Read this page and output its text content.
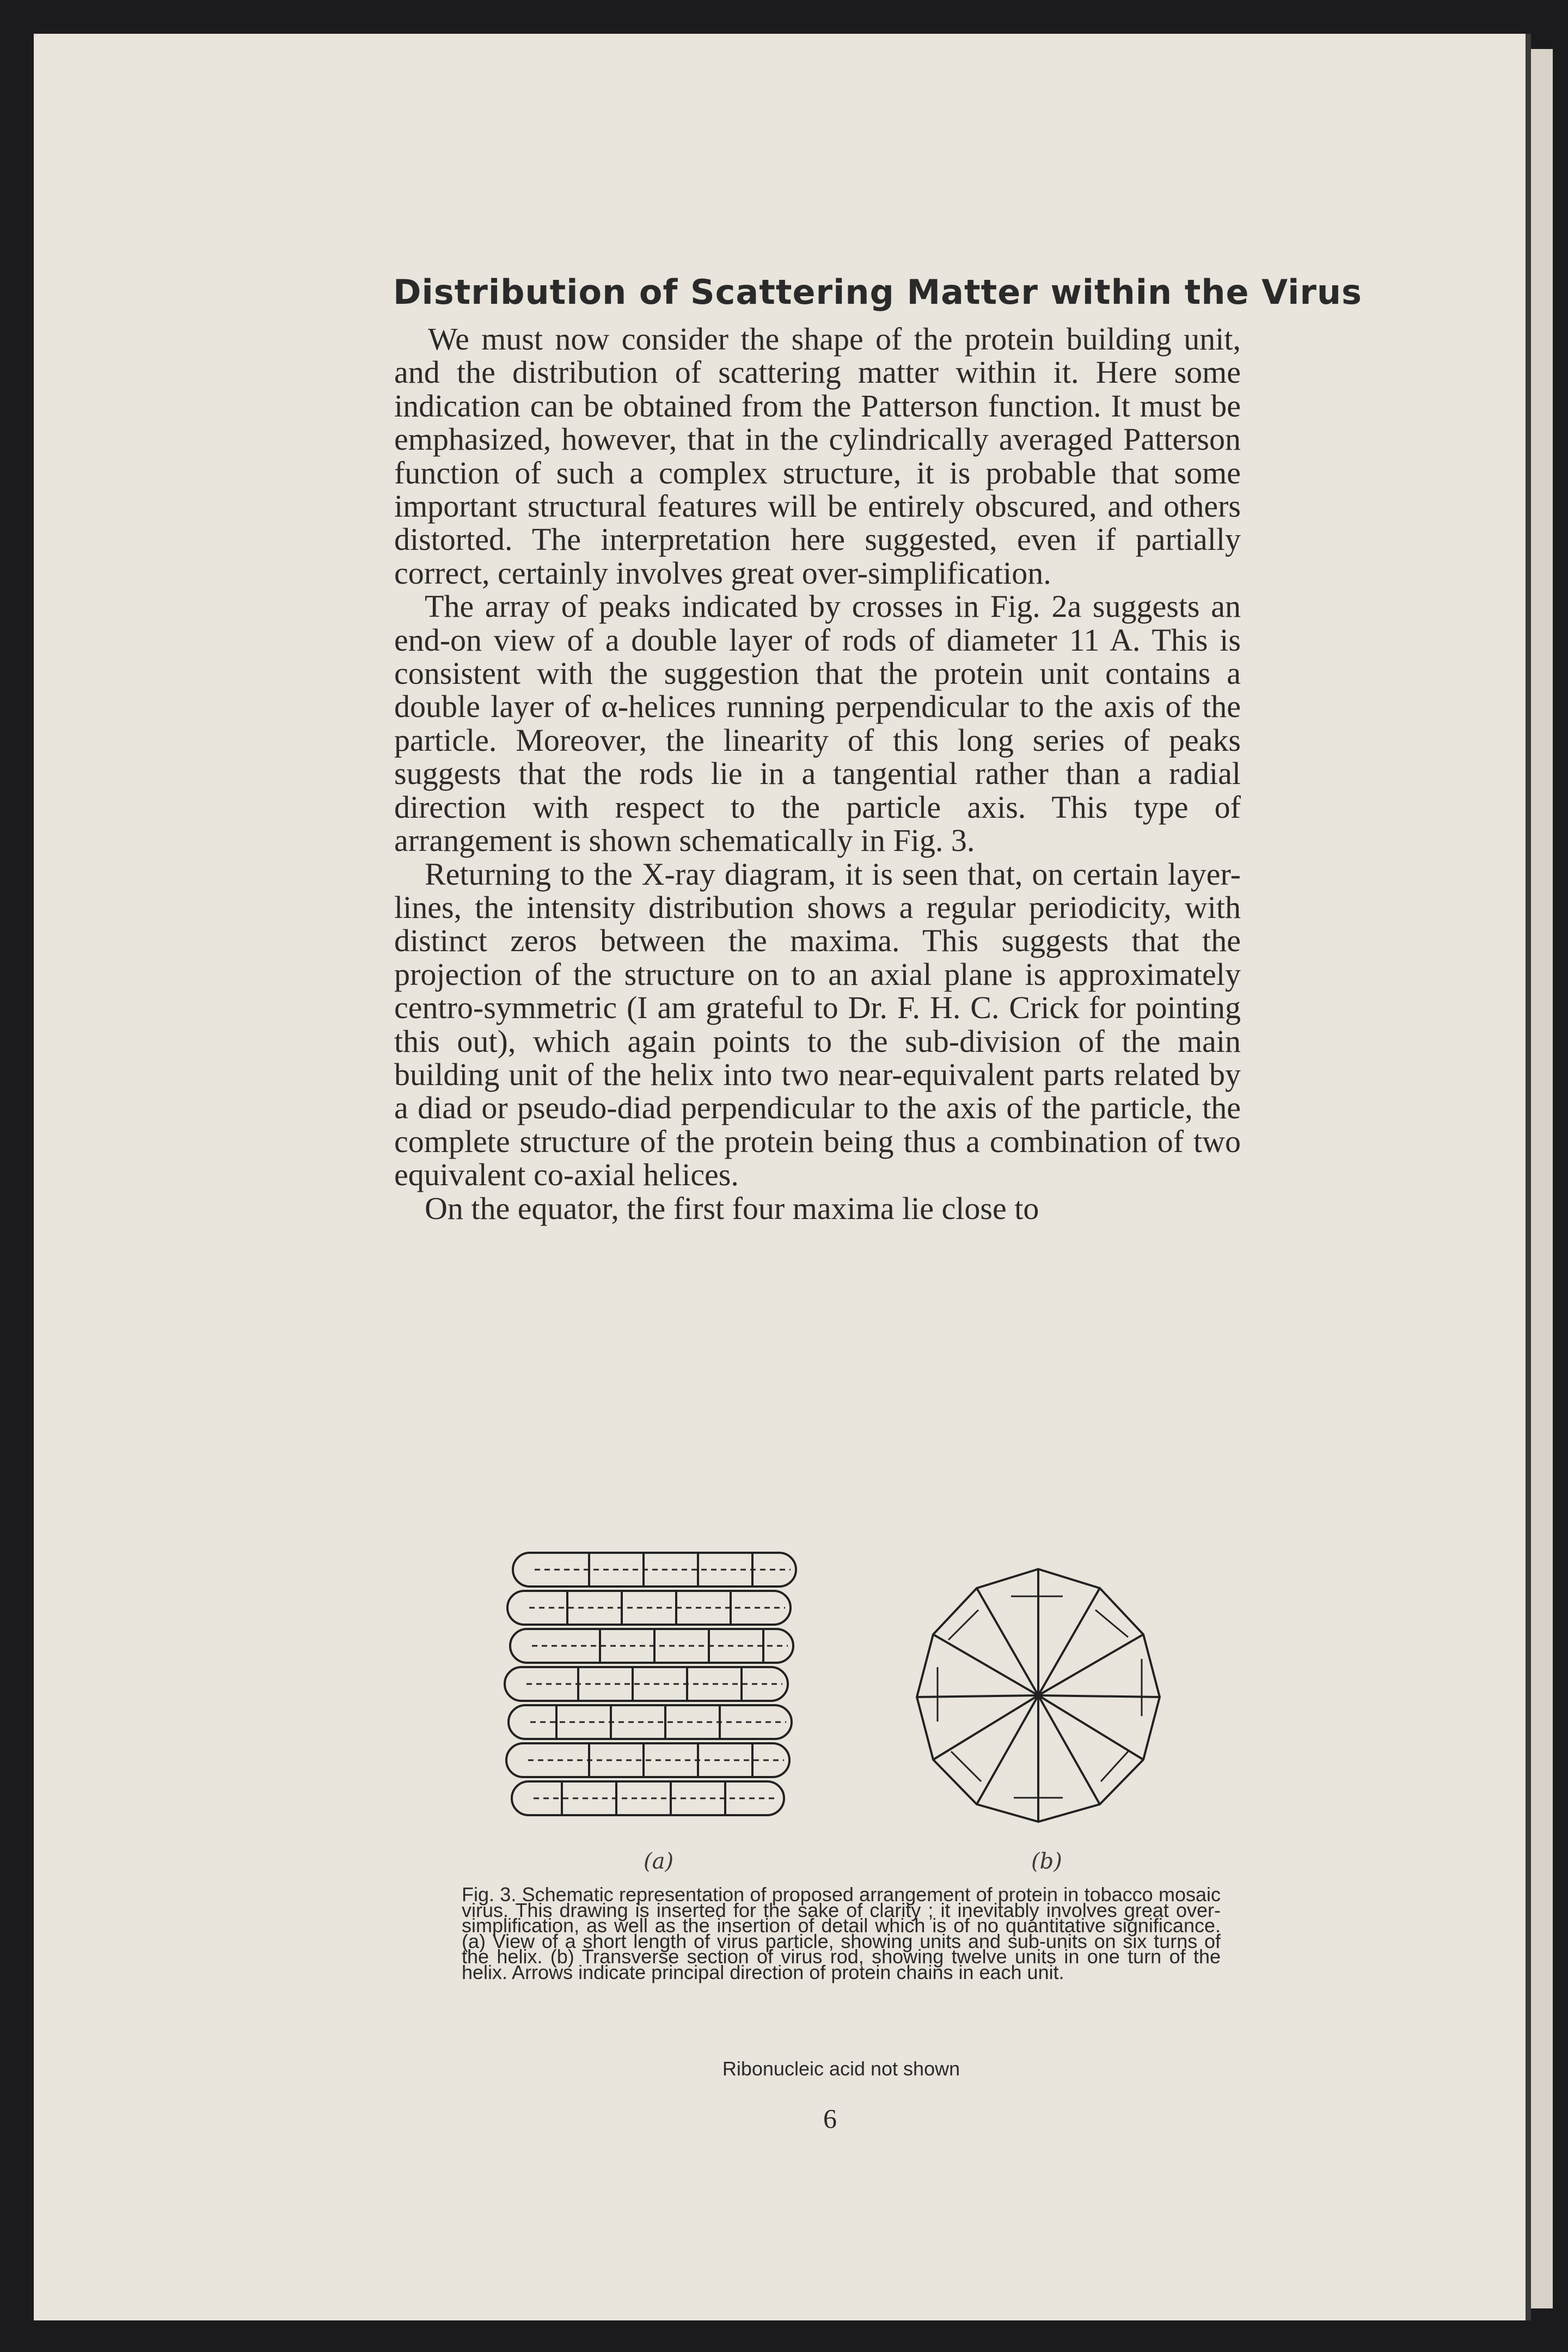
Distribution of Scattering Matter within the Virus

We must now consider the shape of the protein building unit, and the distribution of scattering matter within it. Here some indication can be obtained from the Patterson function. It must be emphasized, however, that in the cylindrically averaged Patterson function of such a complex structure, it is probable that some important structural features will be entirely obscured, and others distorted. The interpretation here suggested, even if partially correct, certainly involves great over-simplification.

The array of peaks indicated by crosses in Fig. 2a suggests an end-on view of a double layer of rods of diameter 11 A. This is consistent with the suggestion that the protein unit contains a double layer of α-helices running perpendicular to the axis of the particle. Moreover, the linearity of this long series of peaks suggests that the rods lie in a tangential rather than a radial direction with respect to the particle axis. This type of arrangement is shown schematically in Fig. 3.

Returning to the X-ray diagram, it is seen that, on certain layer-lines, the intensity distribution shows a regular periodicity, with distinct zeros between the maxima. This suggests that the projection of the structure on to an axial plane is approximately centro-symmetric (I am grateful to Dr. F. H. C. Crick for pointing this out), which again points to the sub-division of the main building unit of the helix into two near-equivalent parts related by a diad or pseudo-diad perpendicular to the axis of the particle, the complete structure of the protein being thus a combination of two equivalent co-axial helices.

On the equator, the first four maxima lie close to

(a)	(b)

Fig. 3. Schematic representation of proposed arrangement of protein in tobacco mosaic virus. This drawing is inserted for the sake of clarity ; it inevitably involves great over-simplification, as well as the insertion of detail which is of no quantitative significance. (a) View of a short length of virus particle, showing units and sub-units on six turns of the helix. (b) Transverse section of virus rod, showing twelve units in one turn of the helix. Arrows indicate principal direction of protein chains in each unit.

Ribonucleic acid not shown

6
